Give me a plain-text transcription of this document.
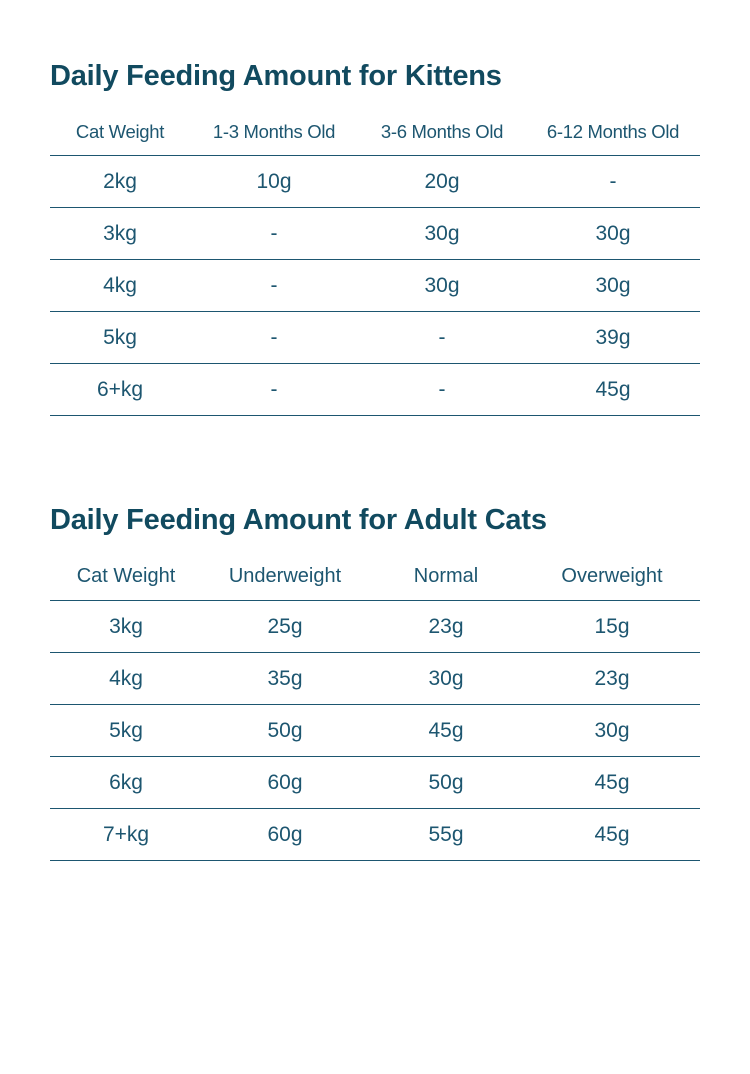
Daily Feeding Amount for Kittens
Cat Weight	1-3 Months Old	3-6 Months Old	6-12 Months Old
2kg	10g	20g	-
3kg	-	30g	30g
4kg	-	30g	30g
5kg	-	-	39g
6+kg	-	-	45g
Daily Feeding Amount for Adult Cats
Cat Weight	Underweight	Normal	Overweight
3kg	25g	23g	15g
4kg	35g	30g	23g
5kg	50g	45g	30g
6kg	60g	50g	45g
7+kg	60g	55g	45g
